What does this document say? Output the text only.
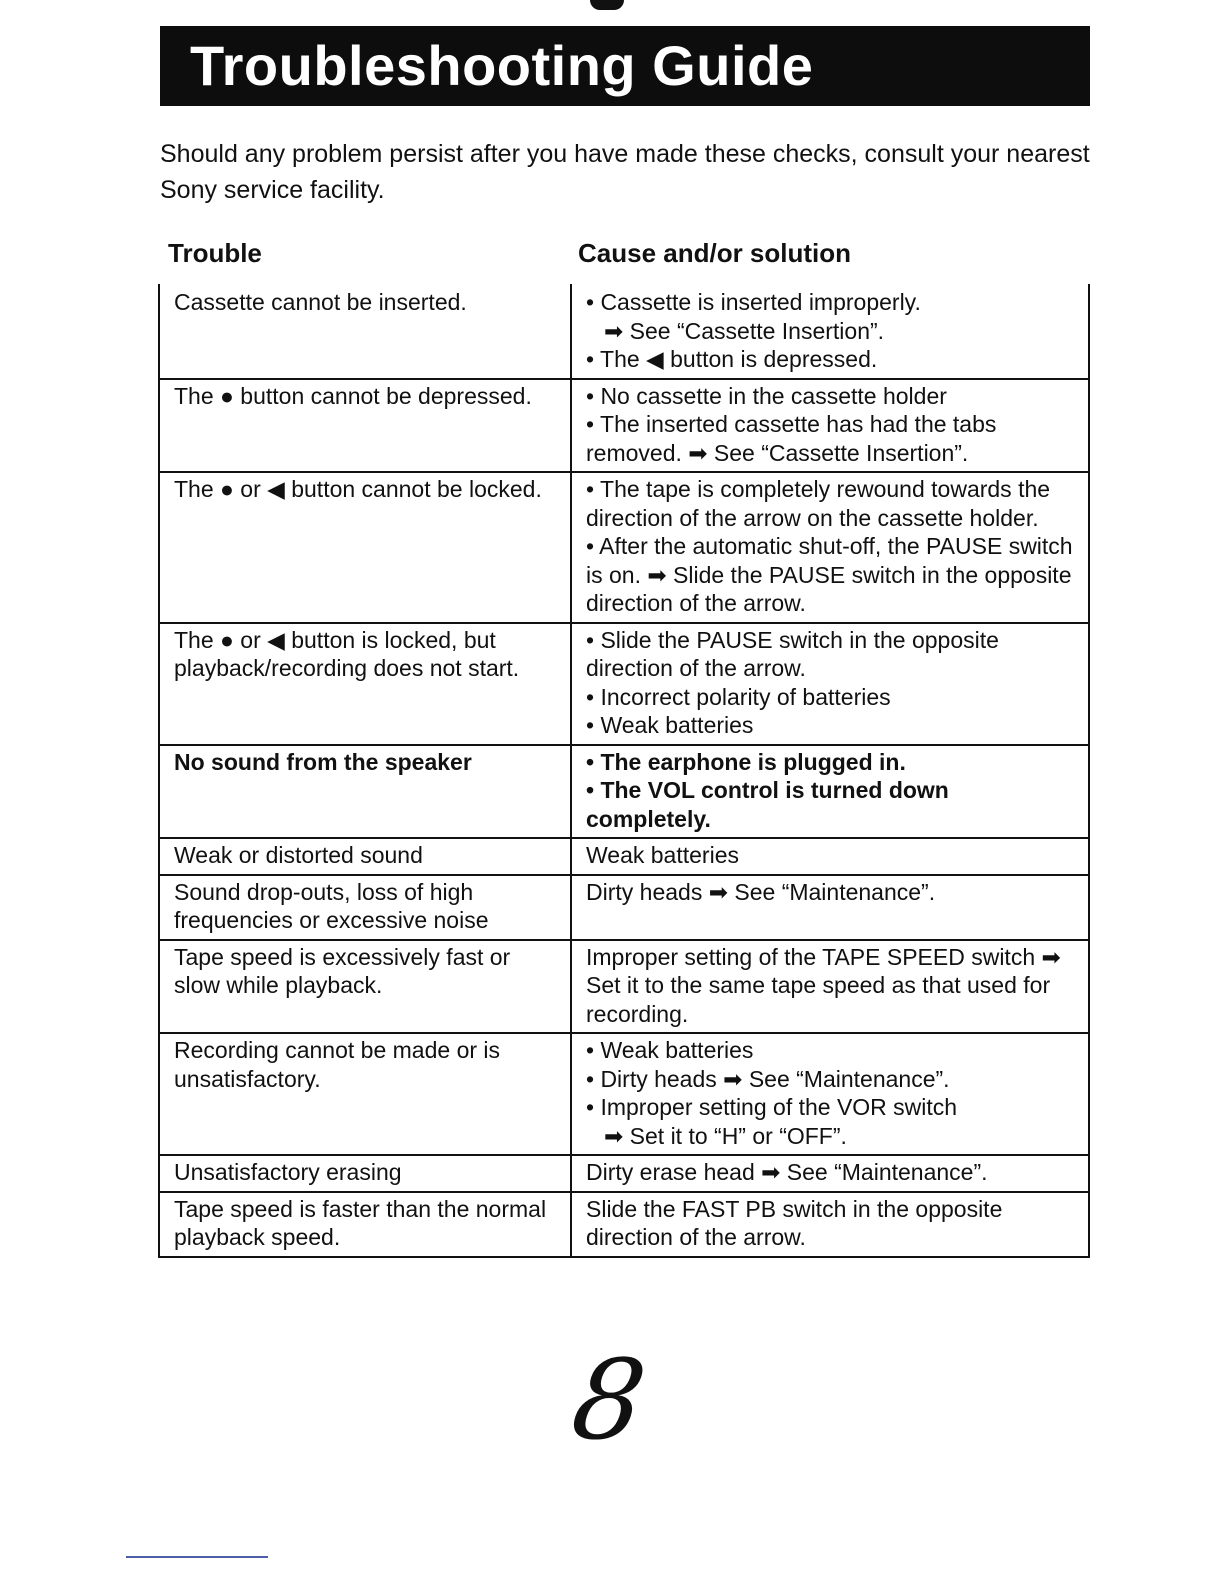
Troubleshooting Guide
Should any problem persist after you have made these checks, consult your nearest Sony service facility.
Trouble	Cause and/or solution
Cassette cannot be inserted.	• Cassette is inserted improperly.
➡ See “Cassette Insertion”.
• The ◀ button is depressed.

The ● button cannot be depressed.	• No cassette in the cassette holder
• The inserted cassette has had the tabs removed. ➡ See “Cassette Insertion”.

The ● or ◀ button cannot be locked.	• The tape is completely rewound towards the direction of the arrow on the cassette holder.
• After the automatic shut-off, the PAUSE switch is on. ➡ Slide the PAUSE switch in the opposite direction of the arrow.

The ● or ◀ button is locked, but playback/recording does not start.	• Slide the PAUSE switch in the opposite direction of the arrow.
• Incorrect polarity of batteries
• Weak batteries

No sound from the speaker	• The earphone is plugged in.
• The VOL control is turned down completely.

Weak or distorted sound	Weak batteries

Sound drop-outs, loss of high frequencies or excessive noise	Dirty heads ➡ See “Maintenance”.

Tape speed is excessively fast or slow while playback.	Improper setting of the TAPE SPEED switch ➡ Set it to the same tape speed as that used for recording.

Recording cannot be made or is unsatisfactory.	• Weak batteries
• Dirty heads ➡ See “Maintenance”.
• Improper setting of the VOR switch
➡ Set it to “H” or “OFF”.

Unsatisfactory erasing	Dirty erase head ➡ See “Maintenance”.

Tape speed is faster than the normal playback speed.	Slide the FAST PB switch in the opposite direction of the arrow.
8
